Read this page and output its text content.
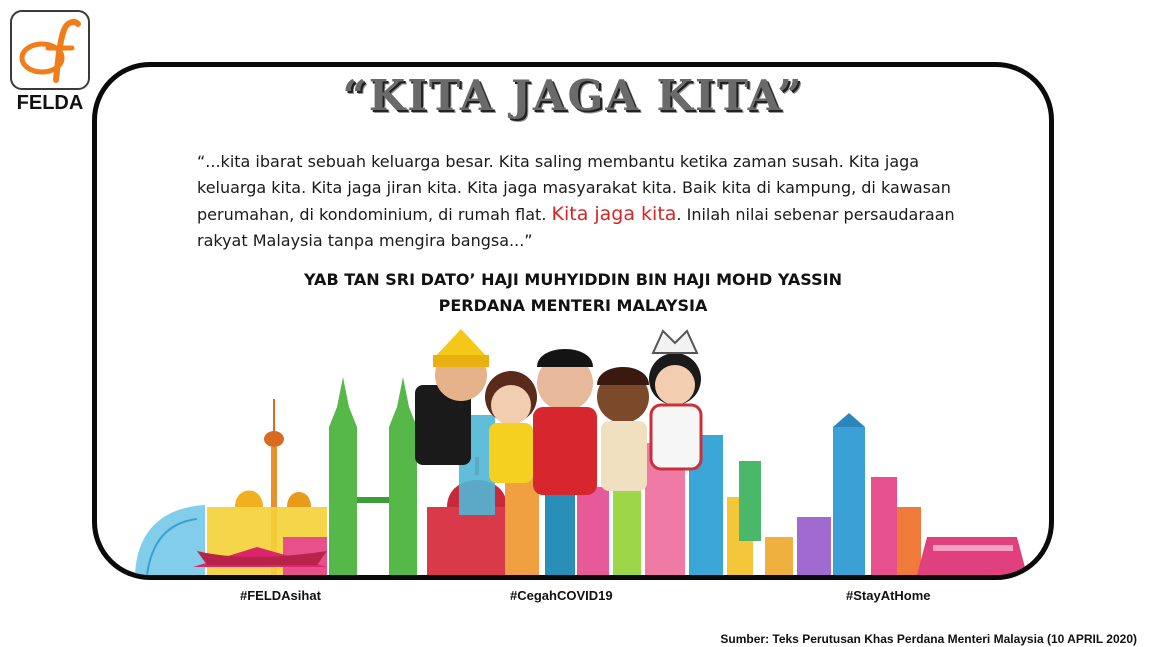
FELDA	“KITA JAGA KITA”
“...kita ibarat sebuah keluarga besar. Kita saling membantu ketika zaman susah. Kita jaga keluarga kita. Kita jaga jiran kita. Kita jaga masyarakat kita. Baik kita di kampung, di kawasan perumahan, di kondominium, di rumah flat. Kita jaga kita. Inilah nilai sebenar persaudaraan rakyat Malaysia tanpa mengira bangsa...”
YAB TAN SRI DATO’ HAJI MUHYIDDIN BIN HAJI MOHD YASSIN
PERDANA MENTERI MALAYSIA
#FELDAsihat	#CegahCOVID19	#StayAtHome
Sumber: Teks Perutusan Khas Perdana Menteri Malaysia (10 APRIL 2020)
